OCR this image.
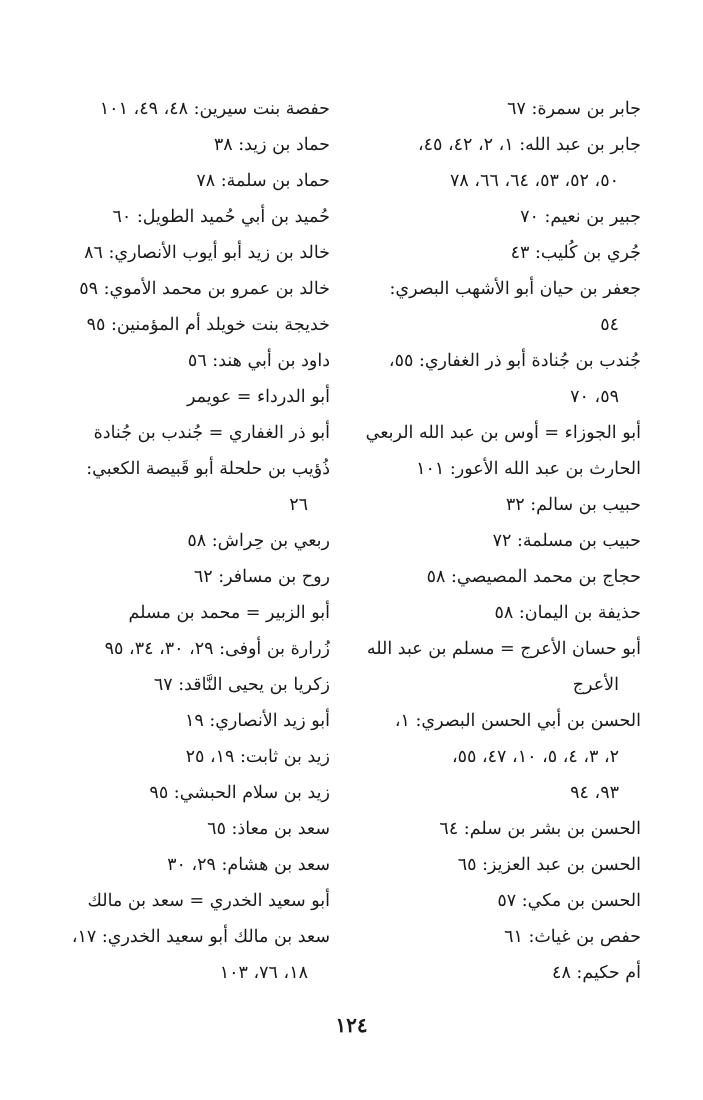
جابر بن سمرة: ٦٧
جابر بن عبد الله: ١، ٢، ٤٢، ٤٥،
٥٠، ٥٢، ٥٣، ٦٤، ٦٦، ٧٨
جبير بن نعيم: ٧٠
جُري بن كُليب: ٤٣
جعفر بن حيان أبو الأشهب البصري:
٥٤
جُندب بن جُنادة أبو ذر الغفاري: ٥٥،
٥٩، ٧٠
أبو الجوزاء = أوس بن عبد الله الربعي
الحارث بن عبد الله الأعور: ١٠١
حبيب بن سالم: ٣٢
حبيب بن مسلمة: ٧٢
حجاج بن محمد المصيصي: ٥٨
حذيفة بن اليمان: ٥٨
أبو حسان الأعرج = مسلم بن عبد الله
الأعرج
الحسن بن أبي الحسن البصري: ١،
٢، ٣، ٤، ٥، ١٠، ٤٧، ٥٥،
٩٣، ٩٤
الحسن بن بشر بن سلم: ٦٤
الحسن بن عبد العزيز: ٦٥
الحسن بن مكي: ٥٧
حفص بن غياث: ٦١
أم حكيم: ٤٨
حفصة بنت سيرين: ٤٨، ٤٩، ١٠١
حماد بن زيد: ٣٨
حماد بن سلمة: ٧٨
حُميد بن أبي حُميد الطويل: ٦٠
خالد بن زيد أبو أيوب الأنصاري: ٨٦
خالد بن عمرو بن محمد الأموي: ٥٩
خديجة بنت خويلد أم المؤمنين: ٩٥
داود بن أبي هند: ٥٦
أبو الدرداء = عويمر
أبو ذر الغفاري = جُندب بن جُنادة
ذُؤيب بن حلحلة أبو قَبيصة الكعبي:
٢٦
ربعي بن حِراش: ٥٨
روح بن مسافر: ٦٢
أبو الزبير = محمد بن مسلم
زُرارة بن أوفى: ٢٩، ٣٠، ٣٤، ٩٥
زكريا بن يحيى النَّاقد: ٦٧
أبو زيد الأنصاري: ١٩
زيد بن ثابت: ١٩، ٢٥
زيد بن سلام الحبشي: ٩٥
سعد بن معاذ: ٦٥
سعد بن هشام: ٢٩، ٣٠
أبو سعيد الخدري = سعد بن مالك
سعد بن مالك أبو سعيد الخدري: ١٧،
١٨، ٧٦، ١٠٣
١٢٤
